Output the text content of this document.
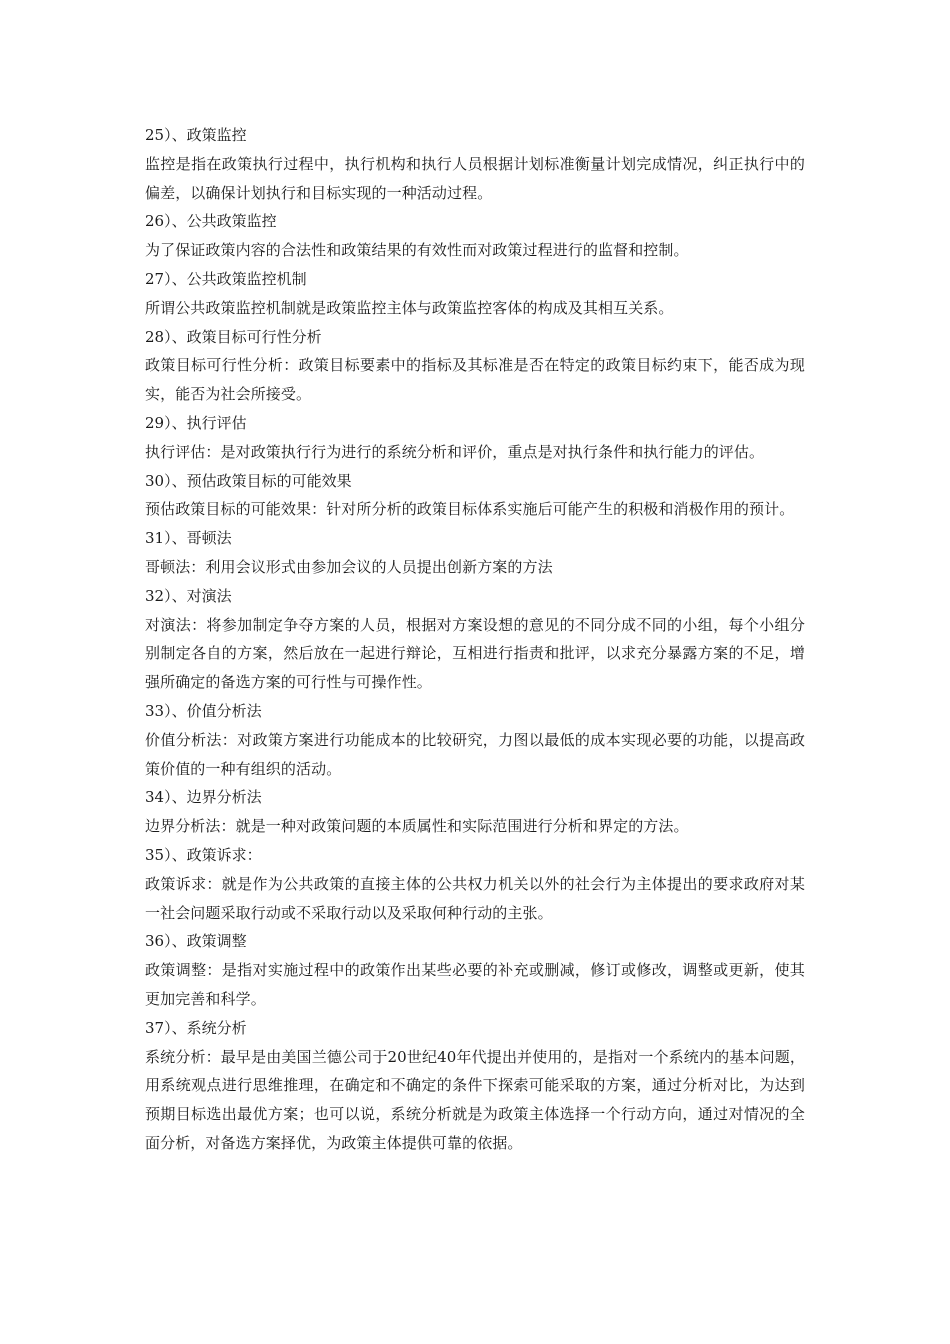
25）、政策监控

监控是指在政策执行过程中，执行机构和执行人员根据计划标准衡量计划完成情况，纠正执行中的偏差，以确保计划执行和目标实现的一种活动过程。

26）、公共政策监控

为了保证政策内容的合法性和政策结果的有效性而对政策过程进行的监督和控制。

27）、公共政策监控机制

所谓公共政策监控机制就是政策监控主体与政策监控客体的构成及其相互关系。

28）、政策目标可行性分析

政策目标可行性分析：政策目标要素中的指标及其标准是否在特定的政策目标约束下，能否成为现实，能否为社会所接受。

29）、执行评估

执行评估：是对政策执行行为进行的系统分析和评价，重点是对执行条件和执行能力的评估。

30）、预估政策目标的可能效果

预估政策目标的可能效果：针对所分析的政策目标体系实施后可能产生的积极和消极作用的预计。

31）、哥顿法

哥顿法：利用会议形式由参加会议的人员提出创新方案的方法

32）、对演法

对演法：将参加制定争夺方案的人员，根据对方案设想的意见的不同分成不同的小组，每个小组分别制定各自的方案，然后放在一起进行辩论，互相进行指责和批评，以求充分暴露方案的不足，增强所确定的备选方案的可行性与可操作性。

33）、价值分析法

价值分析法：对政策方案进行功能成本的比较研究，力图以最低的成本实现必要的功能，以提高政策价值的一种有组织的活动。

34）、边界分析法

边界分析法：就是一种对政策问题的本质属性和实际范围进行分析和界定的方法。

35）、政策诉求：

政策诉求：就是作为公共政策的直接主体的公共权力机关以外的社会行为主体提出的要求政府对某一社会问题采取行动或不采取行动以及采取何种行动的主张。

36）、政策调整

政策调整：是指对实施过程中的政策作出某些必要的补充或删减，修订或修改，调整或更新，使其更加完善和科学。

37）、系统分析

系统分析：最早是由美国兰德公司于20世纪40年代提出并使用的，是指对一个系统内的基本问题，用系统观点进行思维推理，在确定和不确定的条件下探索可能采取的方案，通过分析对比，为达到预期目标选出最优方案；也可以说，系统分析就是为政策主体选择一个行动方向，通过对情况的全面分析，对备选方案择优，为政策主体提供可靠的依据。
